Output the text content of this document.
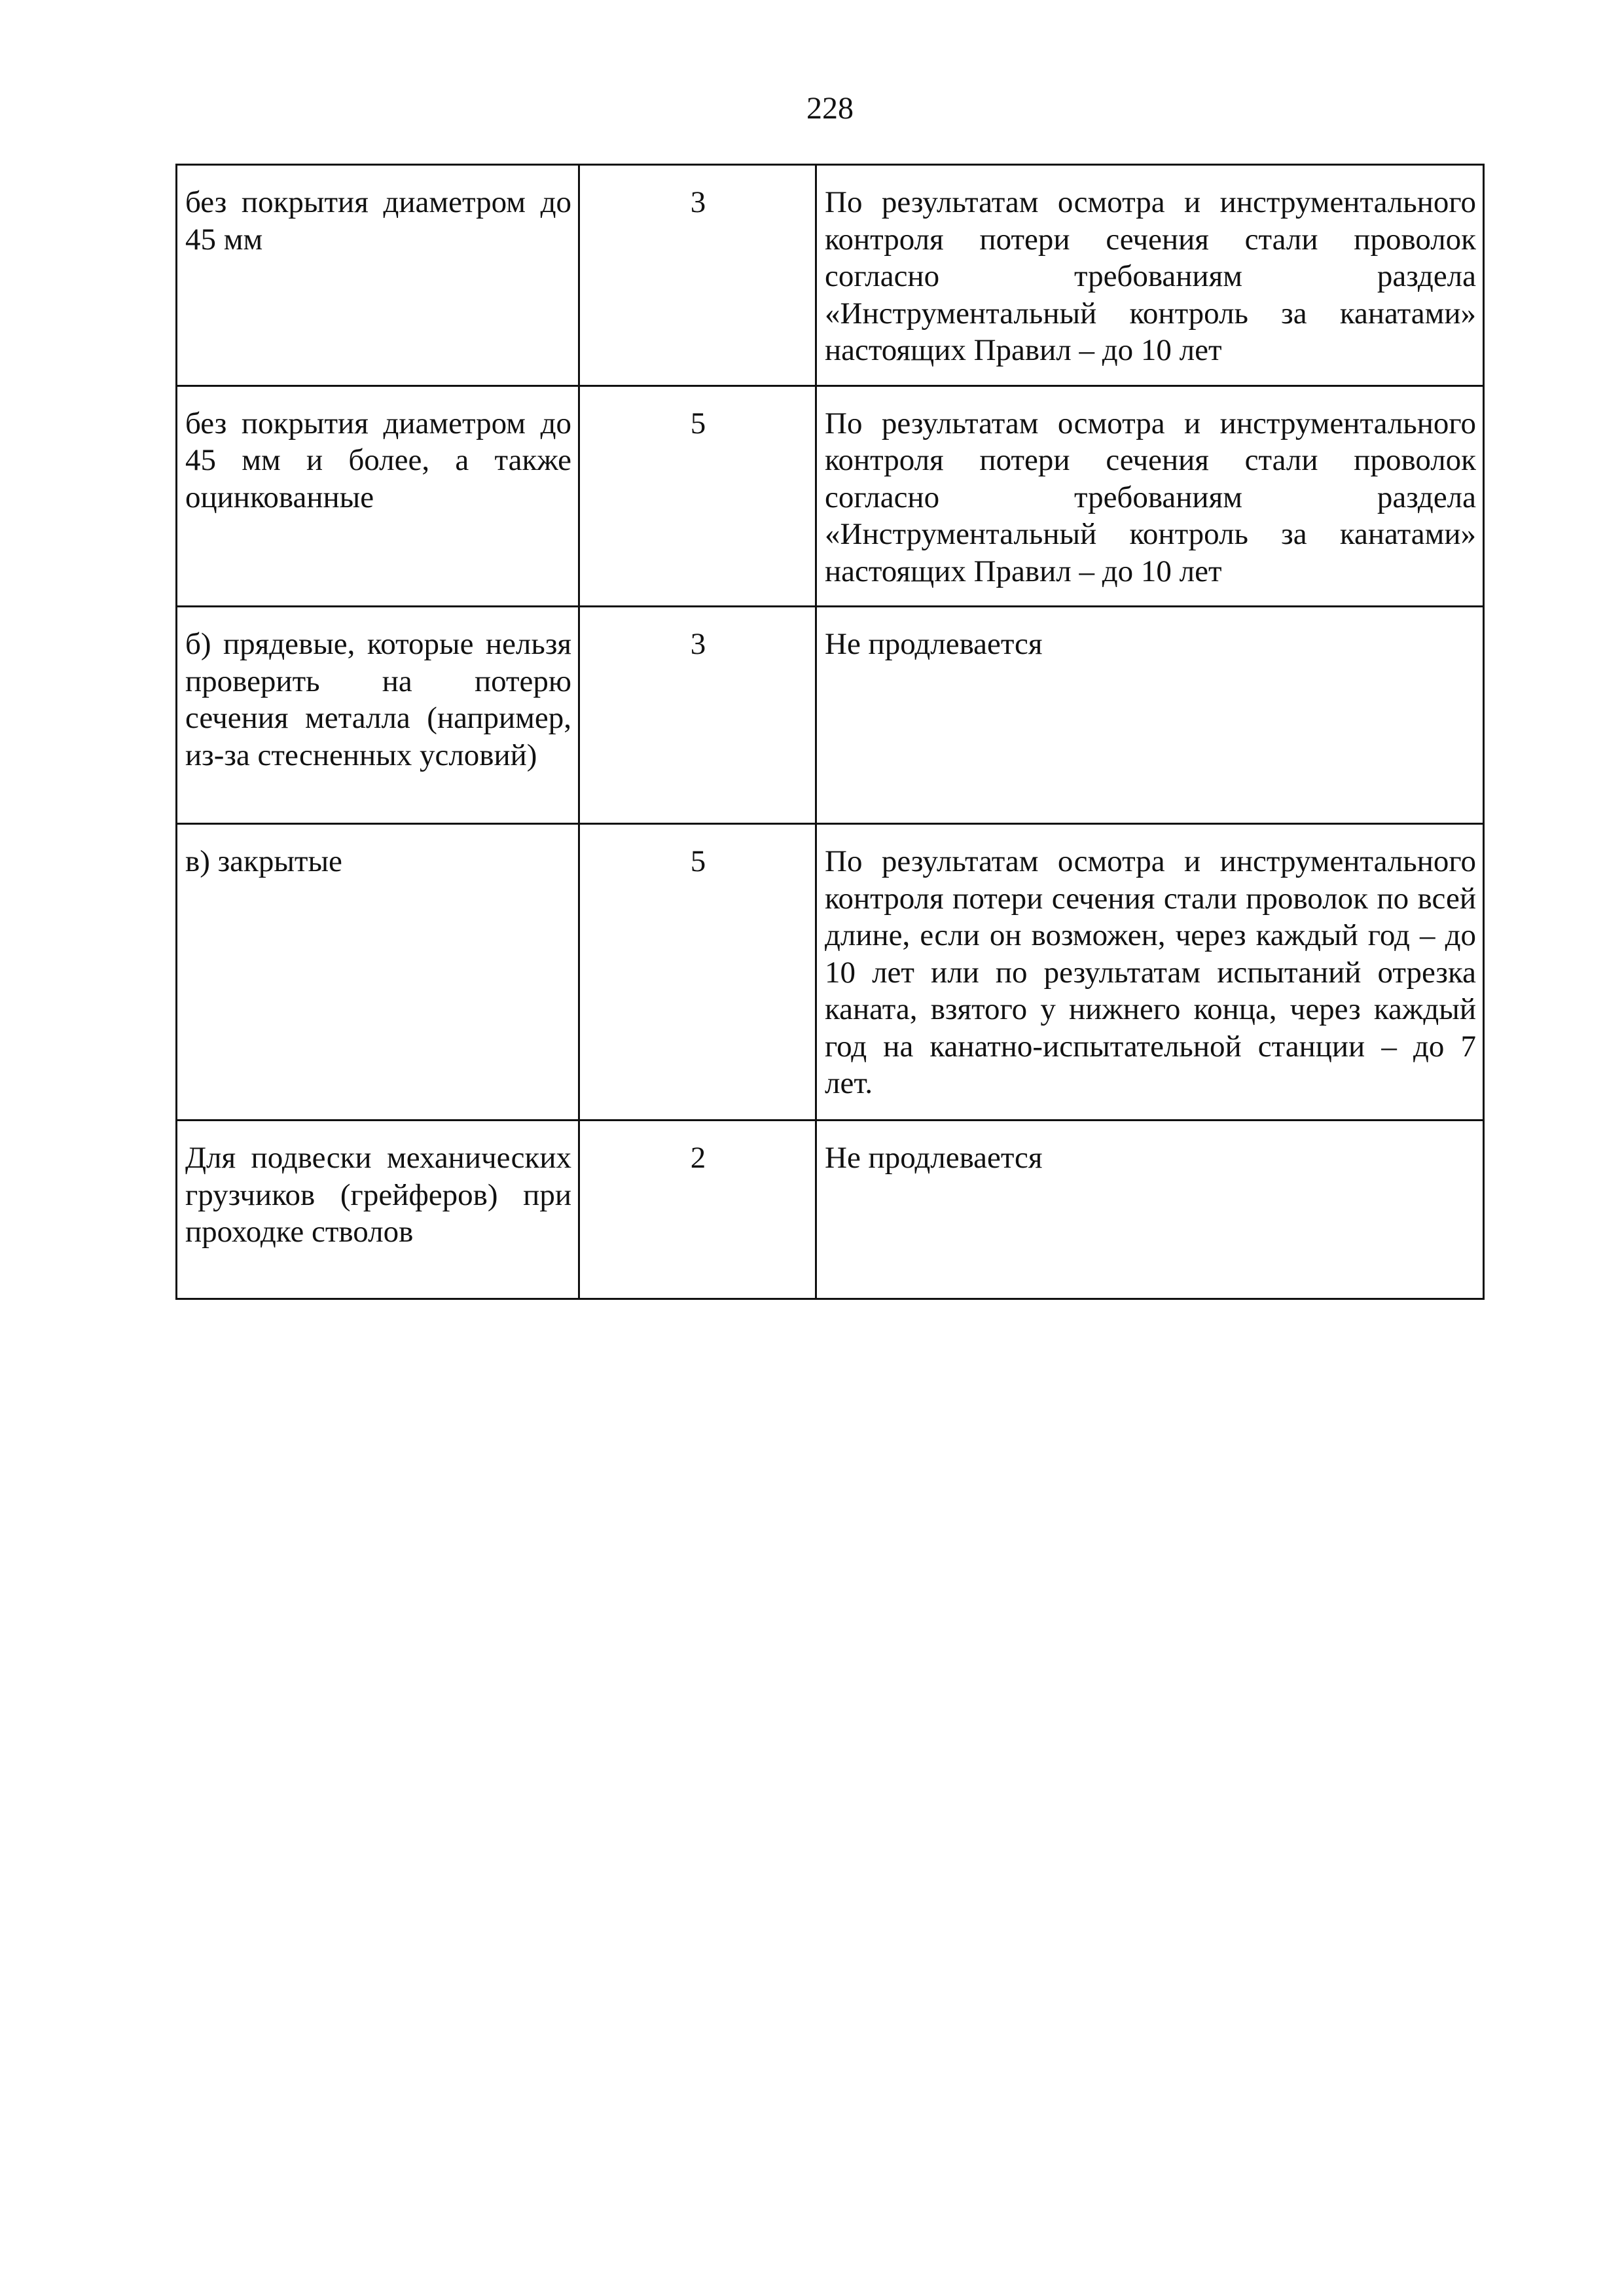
228
без покрытия диаметром до 45 мм	3	По результатам осмотра и инструментального контроля потери сечения стали проволок согласно требованиям раздела «Инструментальный контроль за канатами» настоящих Правил – до 10 лет
без покрытия диаметром до 45 мм и более, а также оцинкованные	5	По результатам осмотра и инструментального контроля потери сечения стали проволок согласно требованиям раздела «Инструментальный контроль за канатами» настоящих Правил – до 10 лет
б) прядевые, которые нельзя проверить на потерю сечения металла (например, из-за стесненных условий)	3	Не продлевается
в) закрытые	5	По результатам осмотра и инструментального контроля потери сечения стали проволок по всей длине, если он возможен, через каждый год – до 10 лет или по результатам испытаний отрезка каната, взятого у нижнего конца, через каждый год на канатно-испытательной станции – до 7 лет.
Для подвески механических грузчиков (грейферов) при проходке стволов	2	Не продлевается
